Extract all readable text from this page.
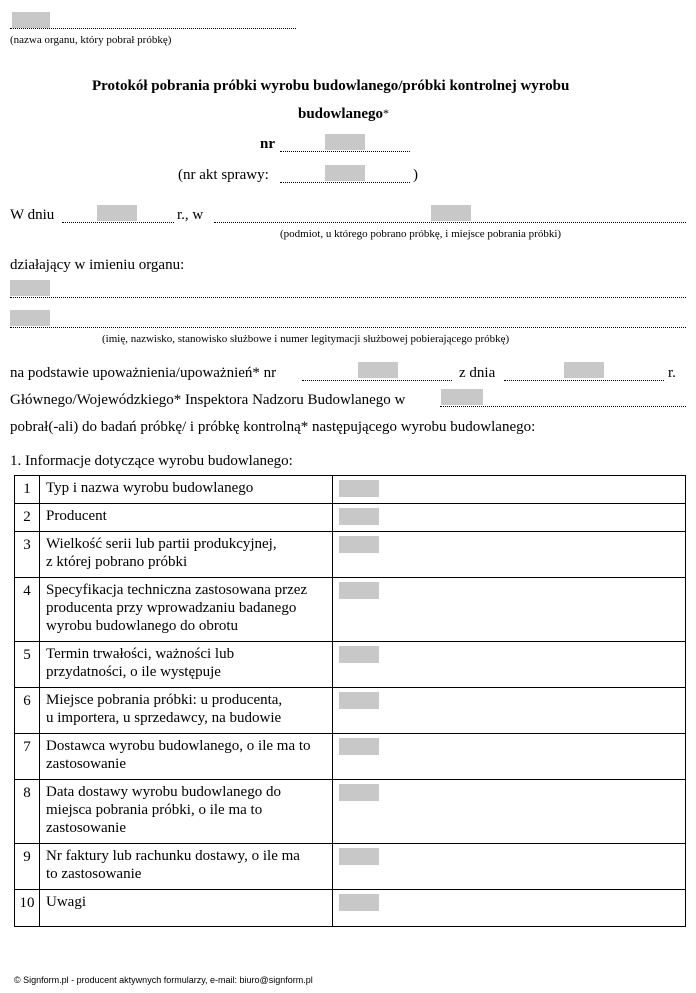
(nazwa organu, który pobrał próbkę)
Protokół pobrania próbki wyrobu budowlanego/próbki kontrolnej wyrobu
budowlanego*
nr
(nr akt sprawy:	)
W dniu	r., w
(podmiot, u którego pobrano próbkę, i miejsce pobrania próbki)
działający w imieniu organu:
(imię, nazwisko, stanowisko służbowe i numer legitymacji służbowej pobierającego próbkę)
na podstawie upoważnienia/upoważnień* nr	z dnia	r.
Głównego/Wojewódzkiego* Inspektora Nadzoru Budowlanego w
pobrał(-ali) do badań próbkę/ i próbkę kontrolną* następującego wyrobu budowlanego:
1. Informacje dotyczące wyrobu budowlanego:
1	Typ i nazwa wyrobu budowlanego	

2	Producent	

3	Wielkość serii lub partii produkcyjnej,
z której pobrano próbki	

4	Specyfikacja techniczna zastosowana przez
producenta przy wprowadzaniu badanego
wyrobu budowlanego do obrotu	

5	Termin trwałości, ważności lub
przydatności, o ile występuje	

6	Miejsce pobrania próbki: u producenta,
u importera, u sprzedawcy, na budowie	

7	Dostawca wyrobu budowlanego, o ile ma to
zastosowanie	

8	Data dostawy wyrobu budowlanego do
miejsca pobrania próbki, o ile ma to
zastosowanie	

9	Nr faktury lub rachunku dostawy, o ile ma
to zastosowanie	

10	Uwagi	
© Signform.pl - producent aktywnych formularzy, e-mail: biuro@signform.pl
